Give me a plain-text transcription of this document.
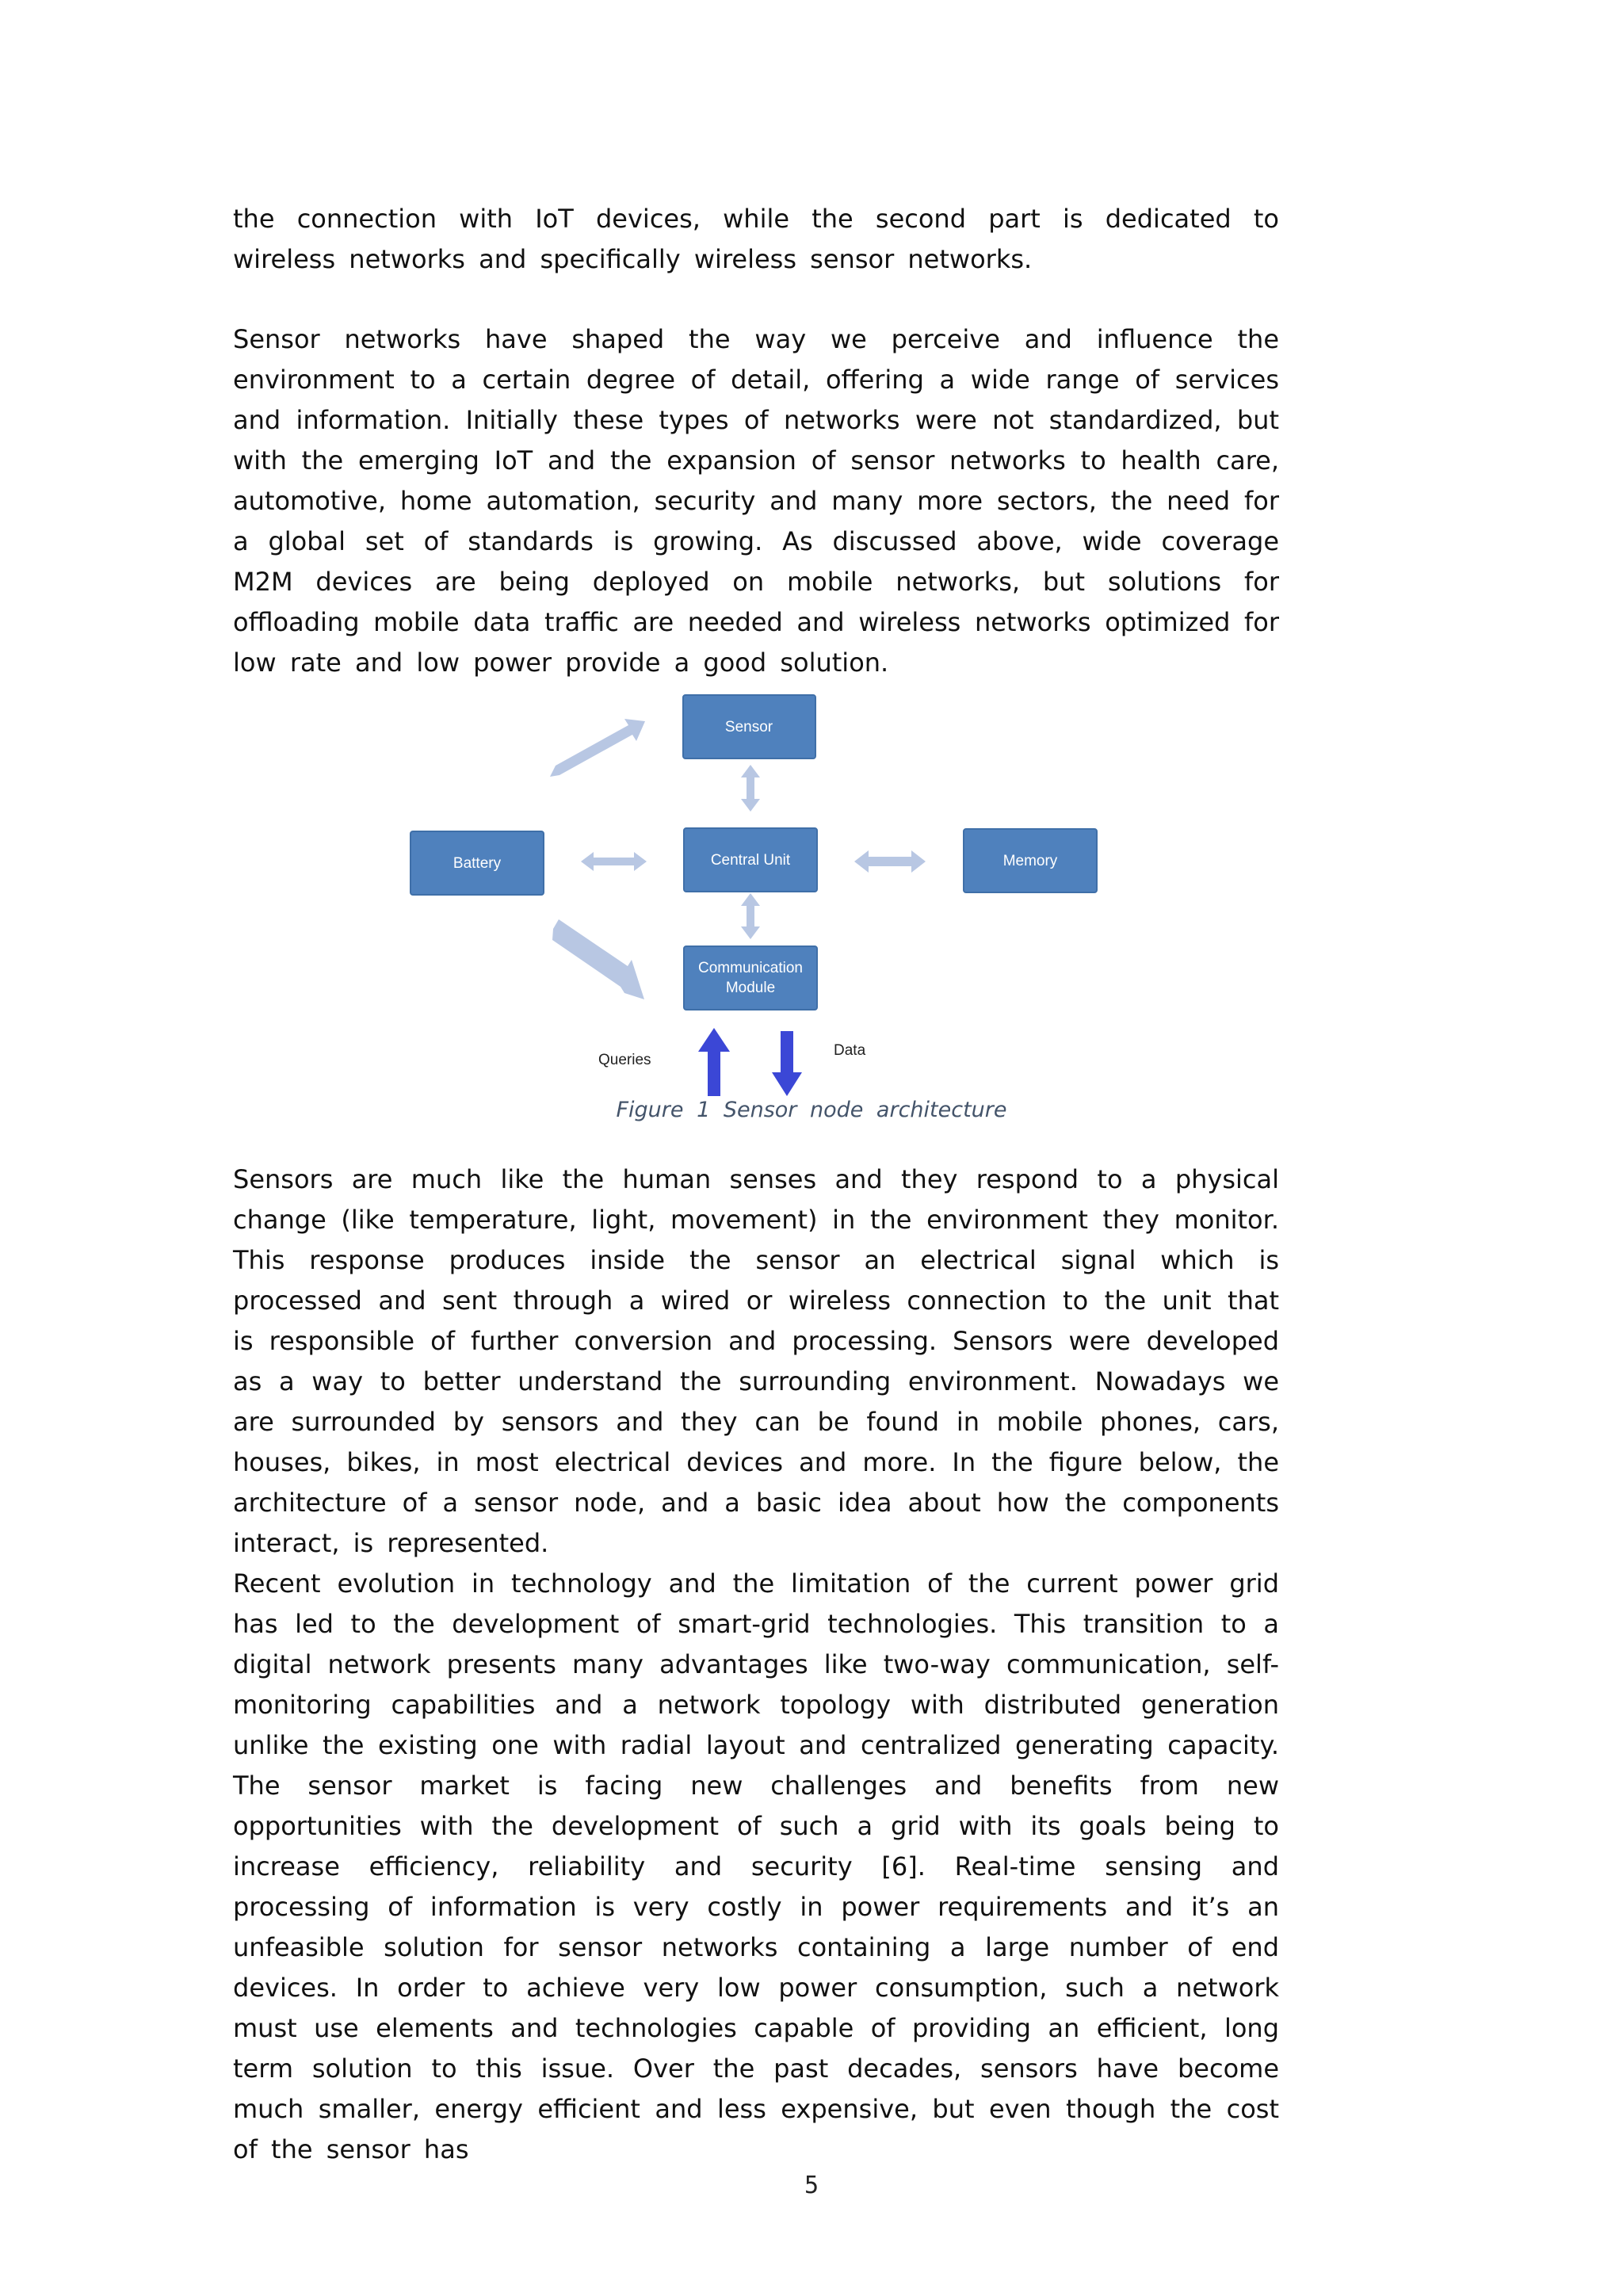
the connection with IoT devices, while the second part is dedicated to wireless networks and specifically wireless sensor networks.

Sensor networks have shaped the way we perceive and influence the environment to a certain degree of detail, offering a wide range of services and information. Initially these types of networks were not standardized, but with the emerging IoT and the expansion of sensor networks to health care, automotive, home automation, security and many more sectors, the need for a global set of standards is growing. As discussed above, wide coverage M2M devices are being deployed on mobile networks, but solutions for offloading mobile data traffic are needed and wireless networks optimized for low rate and low power provide a good solution.

Sensor
Battery	Central Unit	Memory
Communication
Module
Queries
Data

Figure 1 Sensor node architecture

Sensors are much like the human senses and they respond to a physical change (like temperature, light, movement) in the environment they monitor. This response produces inside the sensor an electrical signal which is processed and sent through a wired or wireless connection to the unit that is responsible of further conversion and processing. Sensors were developed as a way to better understand the surrounding environment. Nowadays we are surrounded by sensors and they can be found in mobile phones, cars, houses, bikes, in most electrical devices and more. In the figure below, the architecture of a sensor node, and a basic idea about how the components interact, is represented.

Recent evolution in technology and the limitation of the current power grid has led to the development of smart-grid technologies. This transition to a digital network presents many advantages like two-way communication, self-monitoring capabilities and a network topology with distributed generation unlike the existing one with radial layout and centralized generating capacity. The sensor market is facing new challenges and benefits from new opportunities with the development of such a grid with its goals being to increase efficiency, reliability and security [6]. Real-time sensing and processing of information is very costly in power requirements and it’s an unfeasible solution for sensor networks containing a large number of end devices. In order to achieve very low power consumption, such a network must use elements and technologies capable of providing an efficient, long term solution to this issue. Over the past decades, sensors have become much smaller, energy efficient and less expensive, but even though the cost of the sensor has

5
